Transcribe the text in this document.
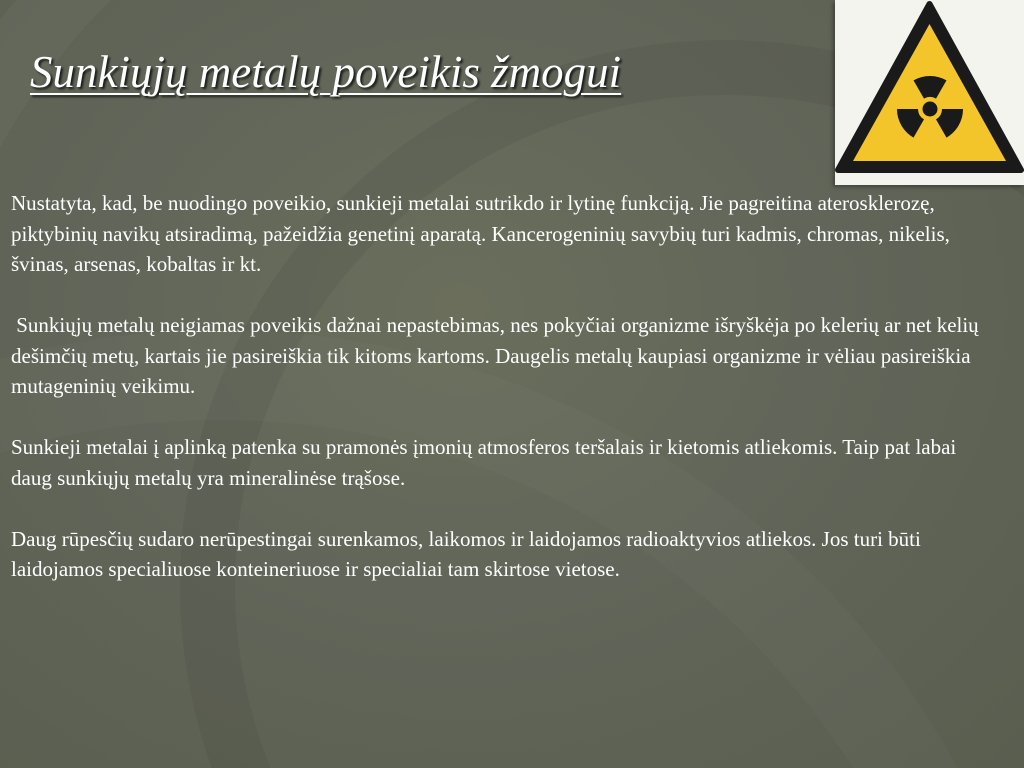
Sunkiųjų metalų poveikis žmogui

Nustatyta, kad, be nuodingo poveikio, sunkieji metalai sutrikdo ir lytinę funkciją. Jie pagreitina aterosklerozę, piktybinių navikų atsiradimą, pažeidžia genetinį aparatą. Kancerogeninių savybių turi kadmis, chromas, nikelis, švinas, arsenas, kobaltas ir kt.

Sunkiųjų metalų neigiamas poveikis dažnai nepastebimas, nes pokyčiai organizme išryškėja po kelerių ar net kelių dešimčių metų, kartais jie pasireiškia tik kitoms kartoms. Daugelis metalų kaupiasi organizme ir vėliau pasireiškia mutageninių veikimu.

Sunkieji metalai į aplinką patenka su pramonės įmonių atmosferos teršalais ir kietomis atliekomis. Taip pat labai daug sunkiųjų metalų yra mineralinėse trąšose.

Daug rūpesčių sudaro nerūpestingai surenkamos, laikomos ir laidojamos radioaktyvios atliekos. Jos turi būti laidojamos specialiuose konteineriuose ir specialiai tam skirtose vietose.
